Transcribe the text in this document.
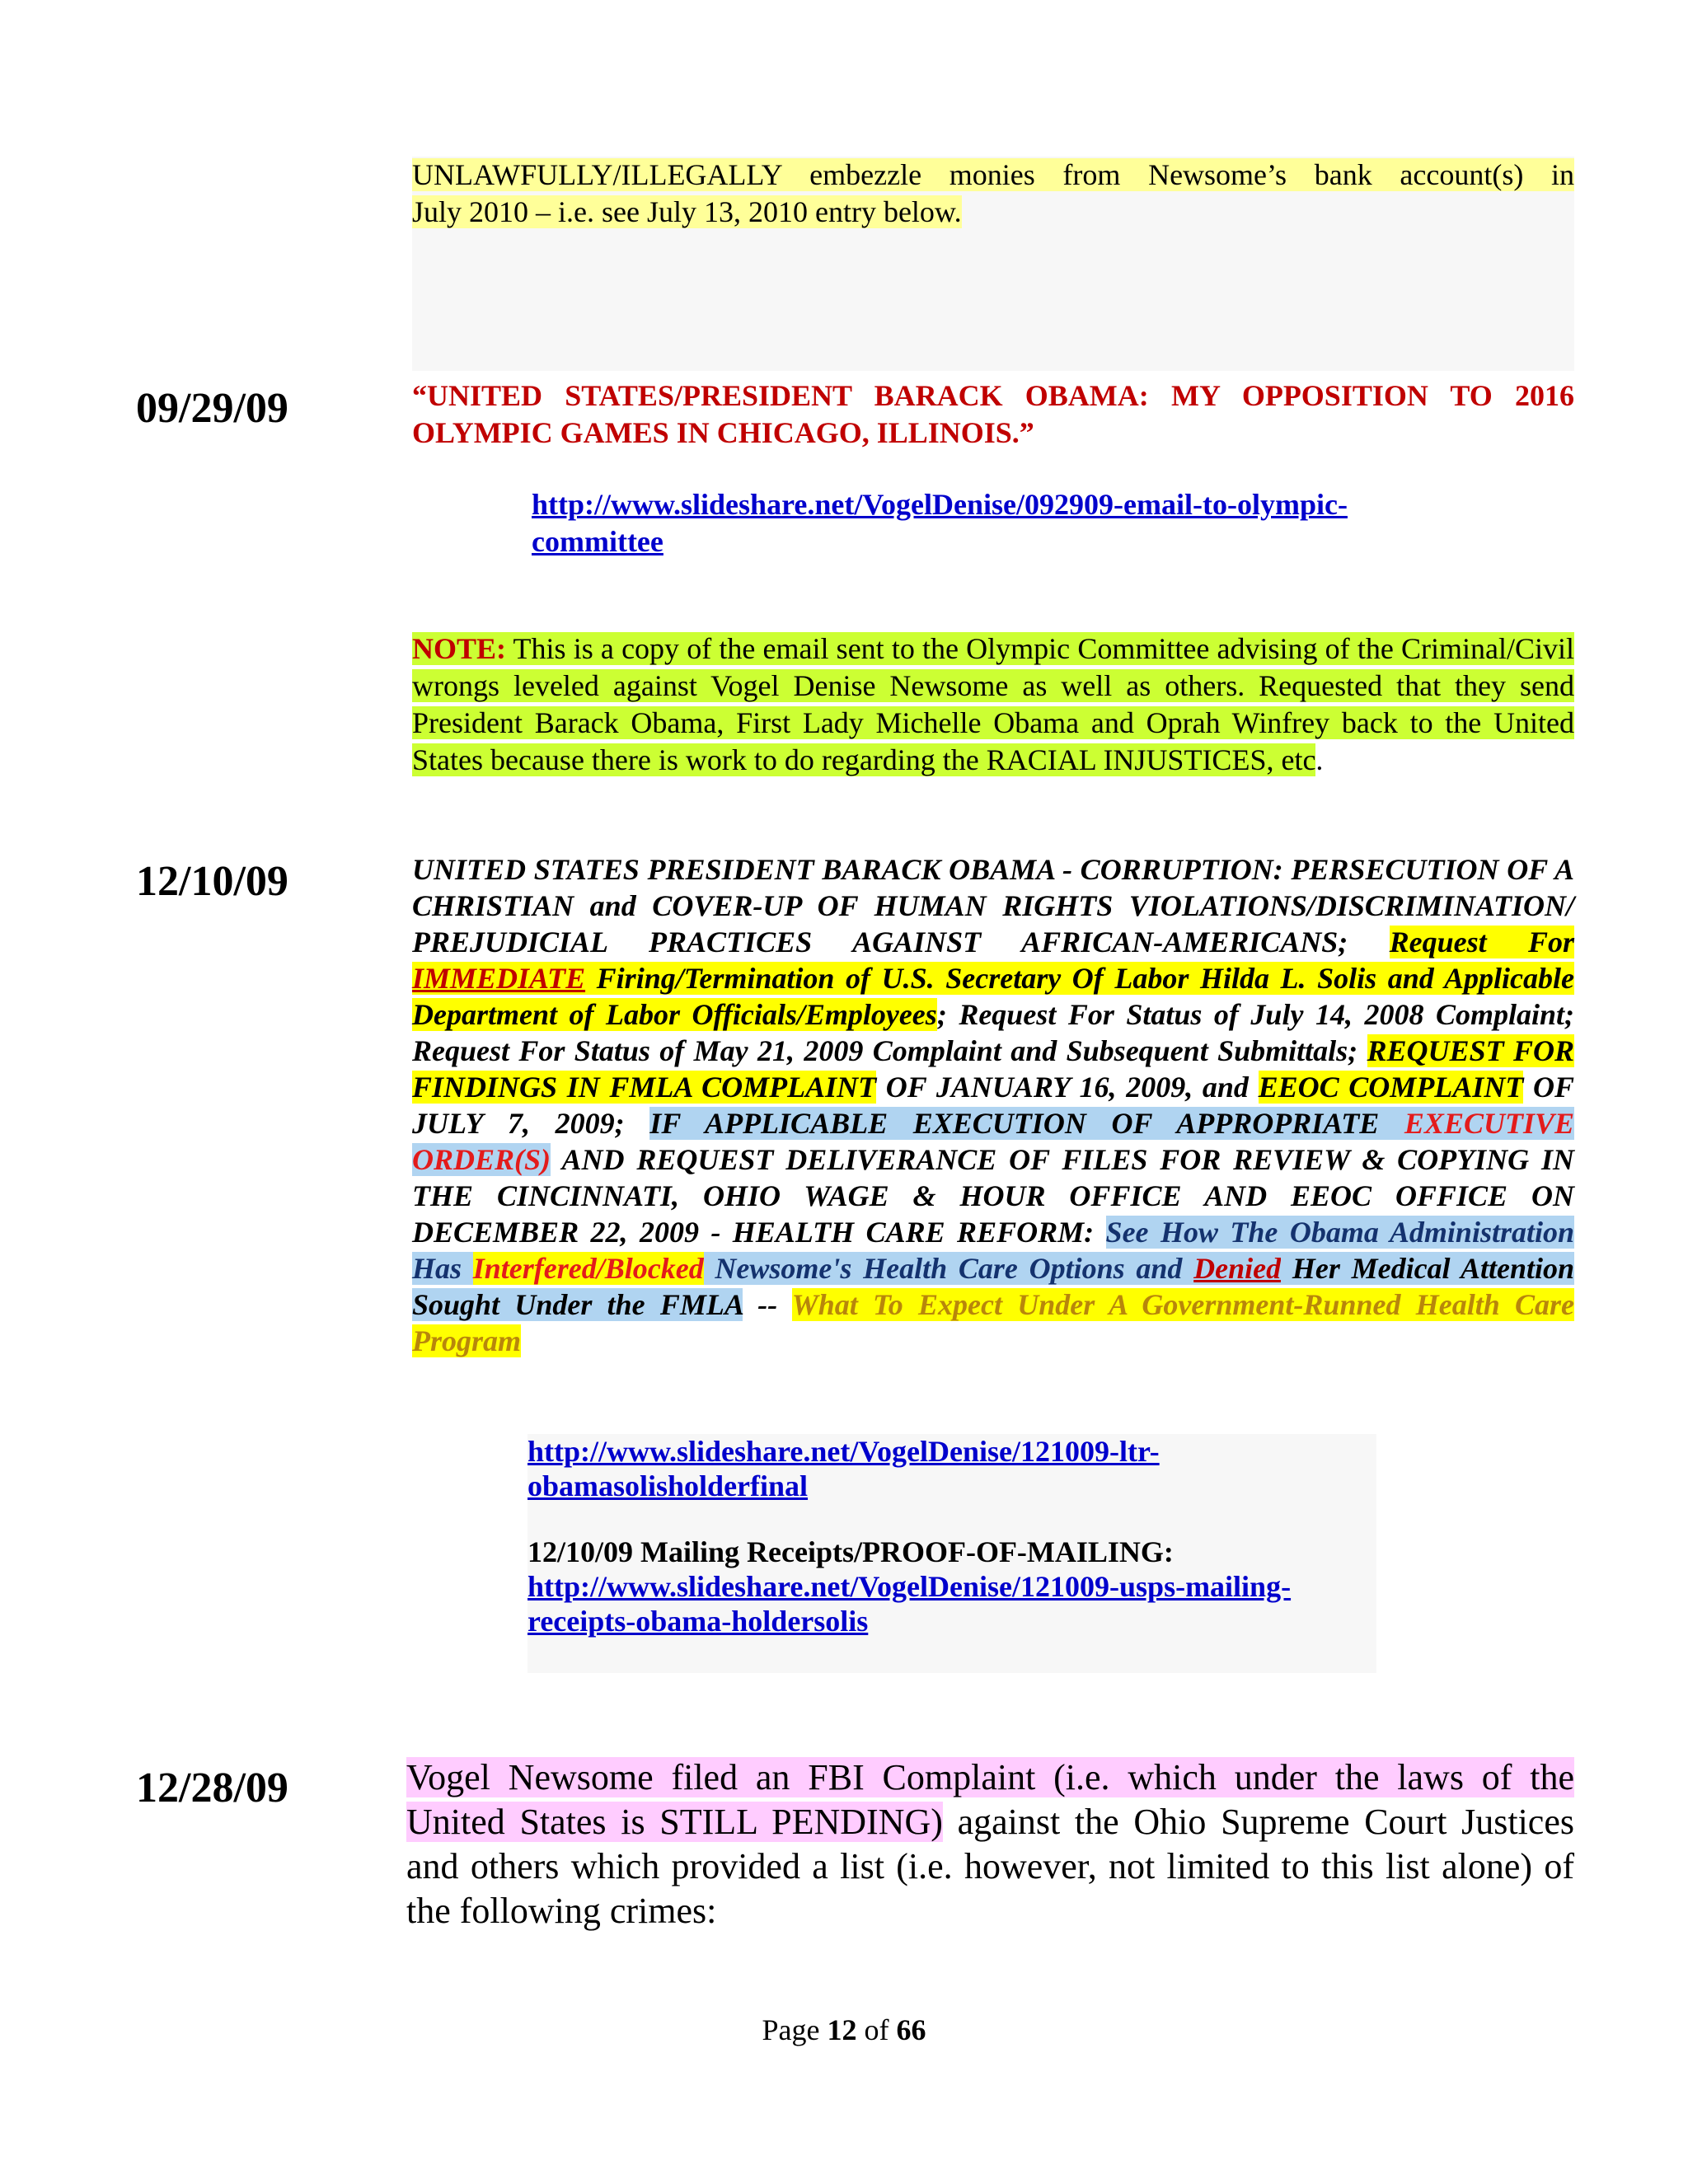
UNLAWFULLY/ILLEGALLY embezzle monies from Newsome’s bank account(s) in
July 2010 – i.e. see July 13, 2010 entry below.
09/29/09	“UNITED STATES/PRESIDENT BARACK OBAMA: MY OPPOSITION TO 2016 OLYMPIC GAMES IN CHICAGO, ILLINOIS.”
http://www.slideshare.net/VogelDenise/092909-email-to-olympic-
committee
NOTE: This is a copy of the email sent to the Olympic Committee advising of the Criminal/Civil wrongs leveled against Vogel Denise Newsome as well as others. Requested that they send President Barack Obama, First Lady Michelle Obama and Oprah Winfrey back to the United States because there is work to do regarding the RACIAL INJUSTICES, etc.
12/10/09	UNITED STATES PRESIDENT BARACK OBAMA - CORRUPTION: PERSECUTION OF A CHRISTIAN and COVER-UP OF HUMAN RIGHTS VIOLATIONS/DISCRIMINATION/ PREJUDICIAL PRACTICES AGAINST AFRICAN-AMERICANS; Request For IMMEDIATE Firing/Termination of U.S. Secretary Of Labor Hilda L. Solis and Applicable Department of Labor Officials/Employees; Request For Status of July 14, 2008 Complaint; Request For Status of May 21, 2009 Complaint and Subsequent Submittals; REQUEST FOR FINDINGS IN FMLA COMPLAINT OF JANUARY 16, 2009, and EEOC COMPLAINT OF JULY 7, 2009; IF APPLICABLE EXECUTION OF APPROPRIATE EXECUTIVE ORDER(S) AND REQUEST DELIVERANCE OF FILES FOR REVIEW & COPYING IN THE CINCINNATI, OHIO WAGE & HOUR OFFICE AND EEOC OFFICE ON DECEMBER 22, 2009 - HEALTH CARE REFORM: See How The Obama Administration Has Interfered/Blocked Newsome's Health Care Options and Denied Her Medical Attention Sought Under the FMLA -- What To Expect Under A Government-Runned Health Care Program
http://www.slideshare.net/VogelDenise/121009-ltr-
obamasolisholderfinal
12/10/09 Mailing Receipts/PROOF-OF-MAILING:
http://www.slideshare.net/VogelDenise/121009-usps-mailing-
receipts-obama-holdersolis
12/28/09	Vogel Newsome filed an FBI Complaint (i.e. which under the laws of the United States is STILL PENDING) against the Ohio Supreme Court Justices and others which provided a list (i.e. however, not limited to this list alone) of the following crimes:
Page 12 of 66
